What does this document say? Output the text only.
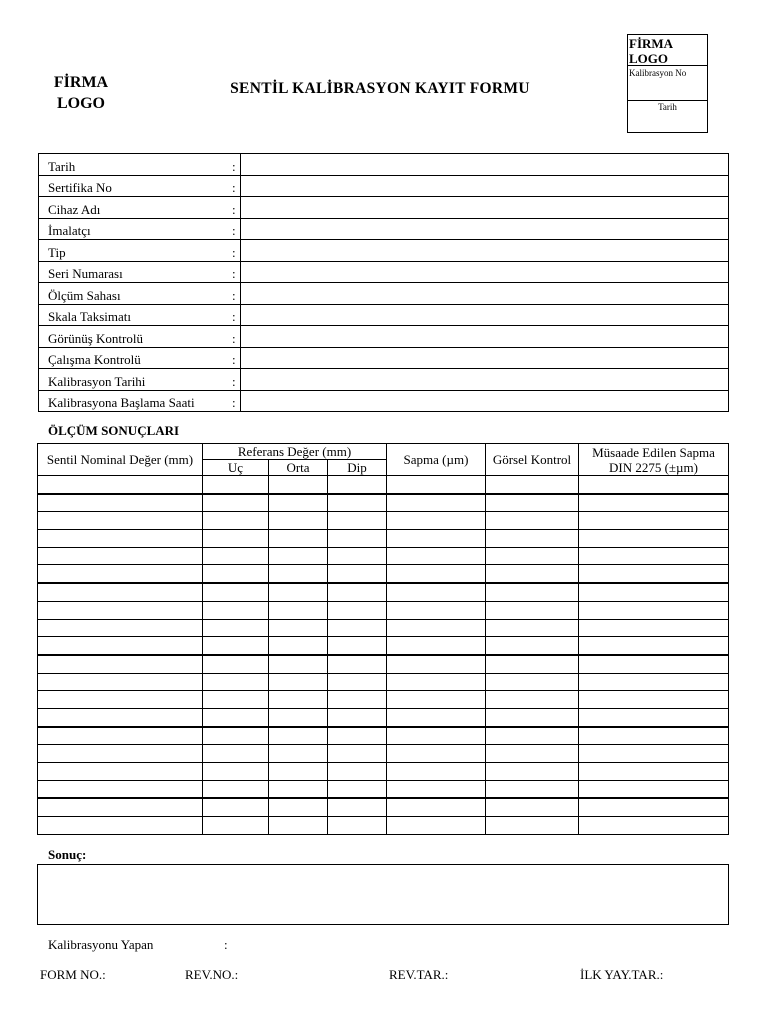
FİRMA
LOGO
SENTİL KALİBRASYON KAYIT FORMU
FİRMA
LOGO
Kalibrasyon No
Tarih
Tarih	:	
Sertifika No	:	
Cihaz Adı	:	
İmalatçı	:	
Tip	:	
Seri Numarası	:	
Ölçüm Sahası	:	
Skala Taksimatı	:	
Görünüş Kontrolü	:	
Çalışma Kontrolü	:	
Kalibrasyon Tarihi	:	
Kalibrasyona Başlama Saati	:	
ÖLÇÜM SONUÇLARI
Sentil Nominal Değer (mm)	Referans Değer (mm)			Sapma (µm)	Görsel Kontrol	Müsaade Edilen Sapma
DIN 2275 (±µm)

	Uç	Orta	Dip			

Sonuç:
Kalibrasyonu Yapan	:
FORM NO.:	REV.NO.:	REV.TAR.:	İLK YAY.TAR.:
